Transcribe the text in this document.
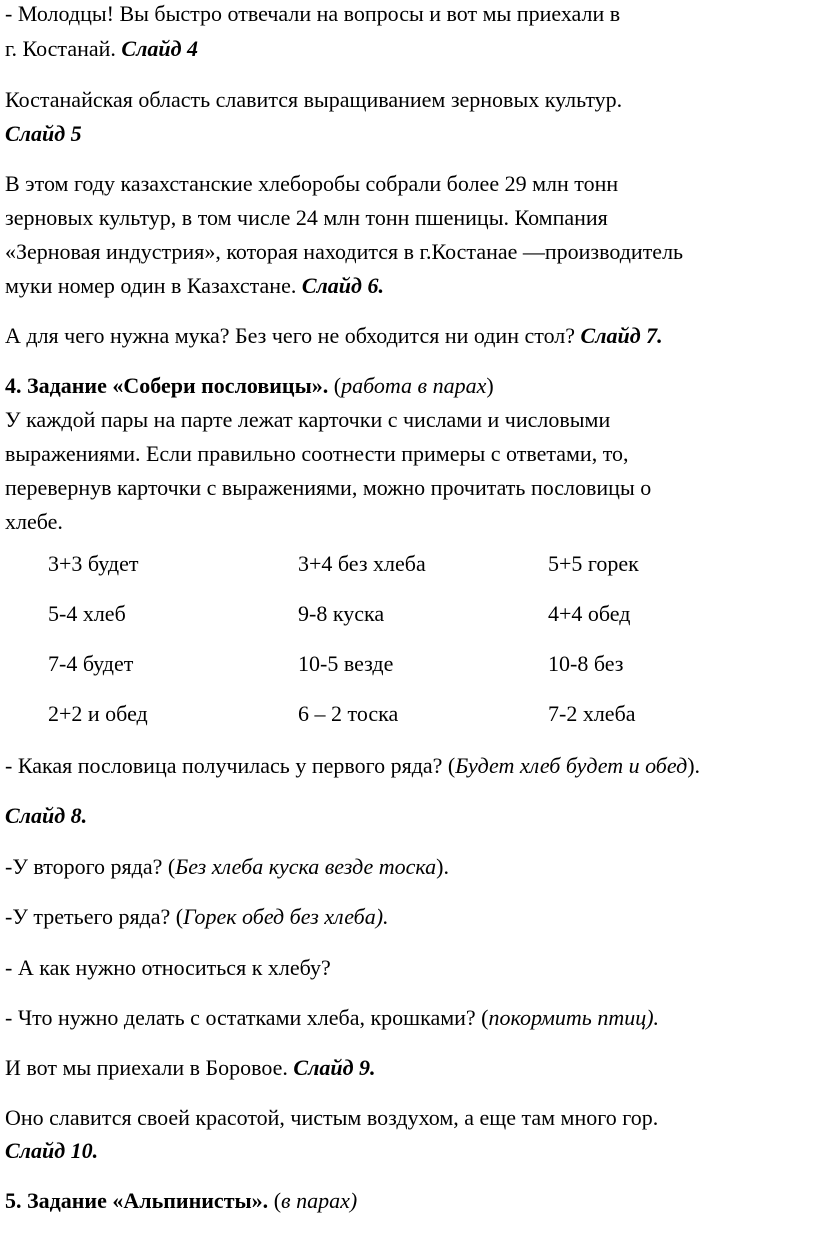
- Молодцы! Вы быстро отвечали на вопросы и вот мы приехали в
г. Костанай. Слайд 4
Костанайская область славится выращиванием зерновых культур.
Слайд 5
В этом году казахстанские хлеборобы собрали более 29 млн тонн
зерновых культур, в том числе 24 млн тонн пшеницы. Компания
«Зерновая индустрия», которая находится в г.Костанае —производитель
муки номер один в Казахстане. Слайд 6.
А для чего нужна мука? Без чего не обходится ни один стол? Слайд 7.
4. Задание «Собери пословицы». (работа в парах)
У каждой пары на парте лежат карточки с числами и числовыми
выражениями. Если правильно соотнести примеры с ответами, то,
перевернув карточки с выражениями, можно прочитать пословицы о
хлебе.
3+3 будет	3+4 без хлеба	5+5 горек
5-4 хлеб	9-8 куска	4+4 обед
7-4 будет	10-5 везде	10-8 без
2+2 и обед	6 – 2 тоска	7-2 хлеба
- Какая пословица получилась у первого ряда? (Будет хлеб будет и обед).
Слайд 8.
-У второго ряда? (Без хлеба куска везде тоска).
-У третьего ряда? (Горек обед без хлеба).
- А как нужно относиться к хлебу?
- Что нужно делать с остатками хлеба, крошками? (покормить птиц).
И вот мы приехали в Боровое. Слайд 9.
Оно славится своей красотой, чистым воздухом, а еще там много гор.
Слайд 10.
5. Задание «Альпинисты». (в парах)
